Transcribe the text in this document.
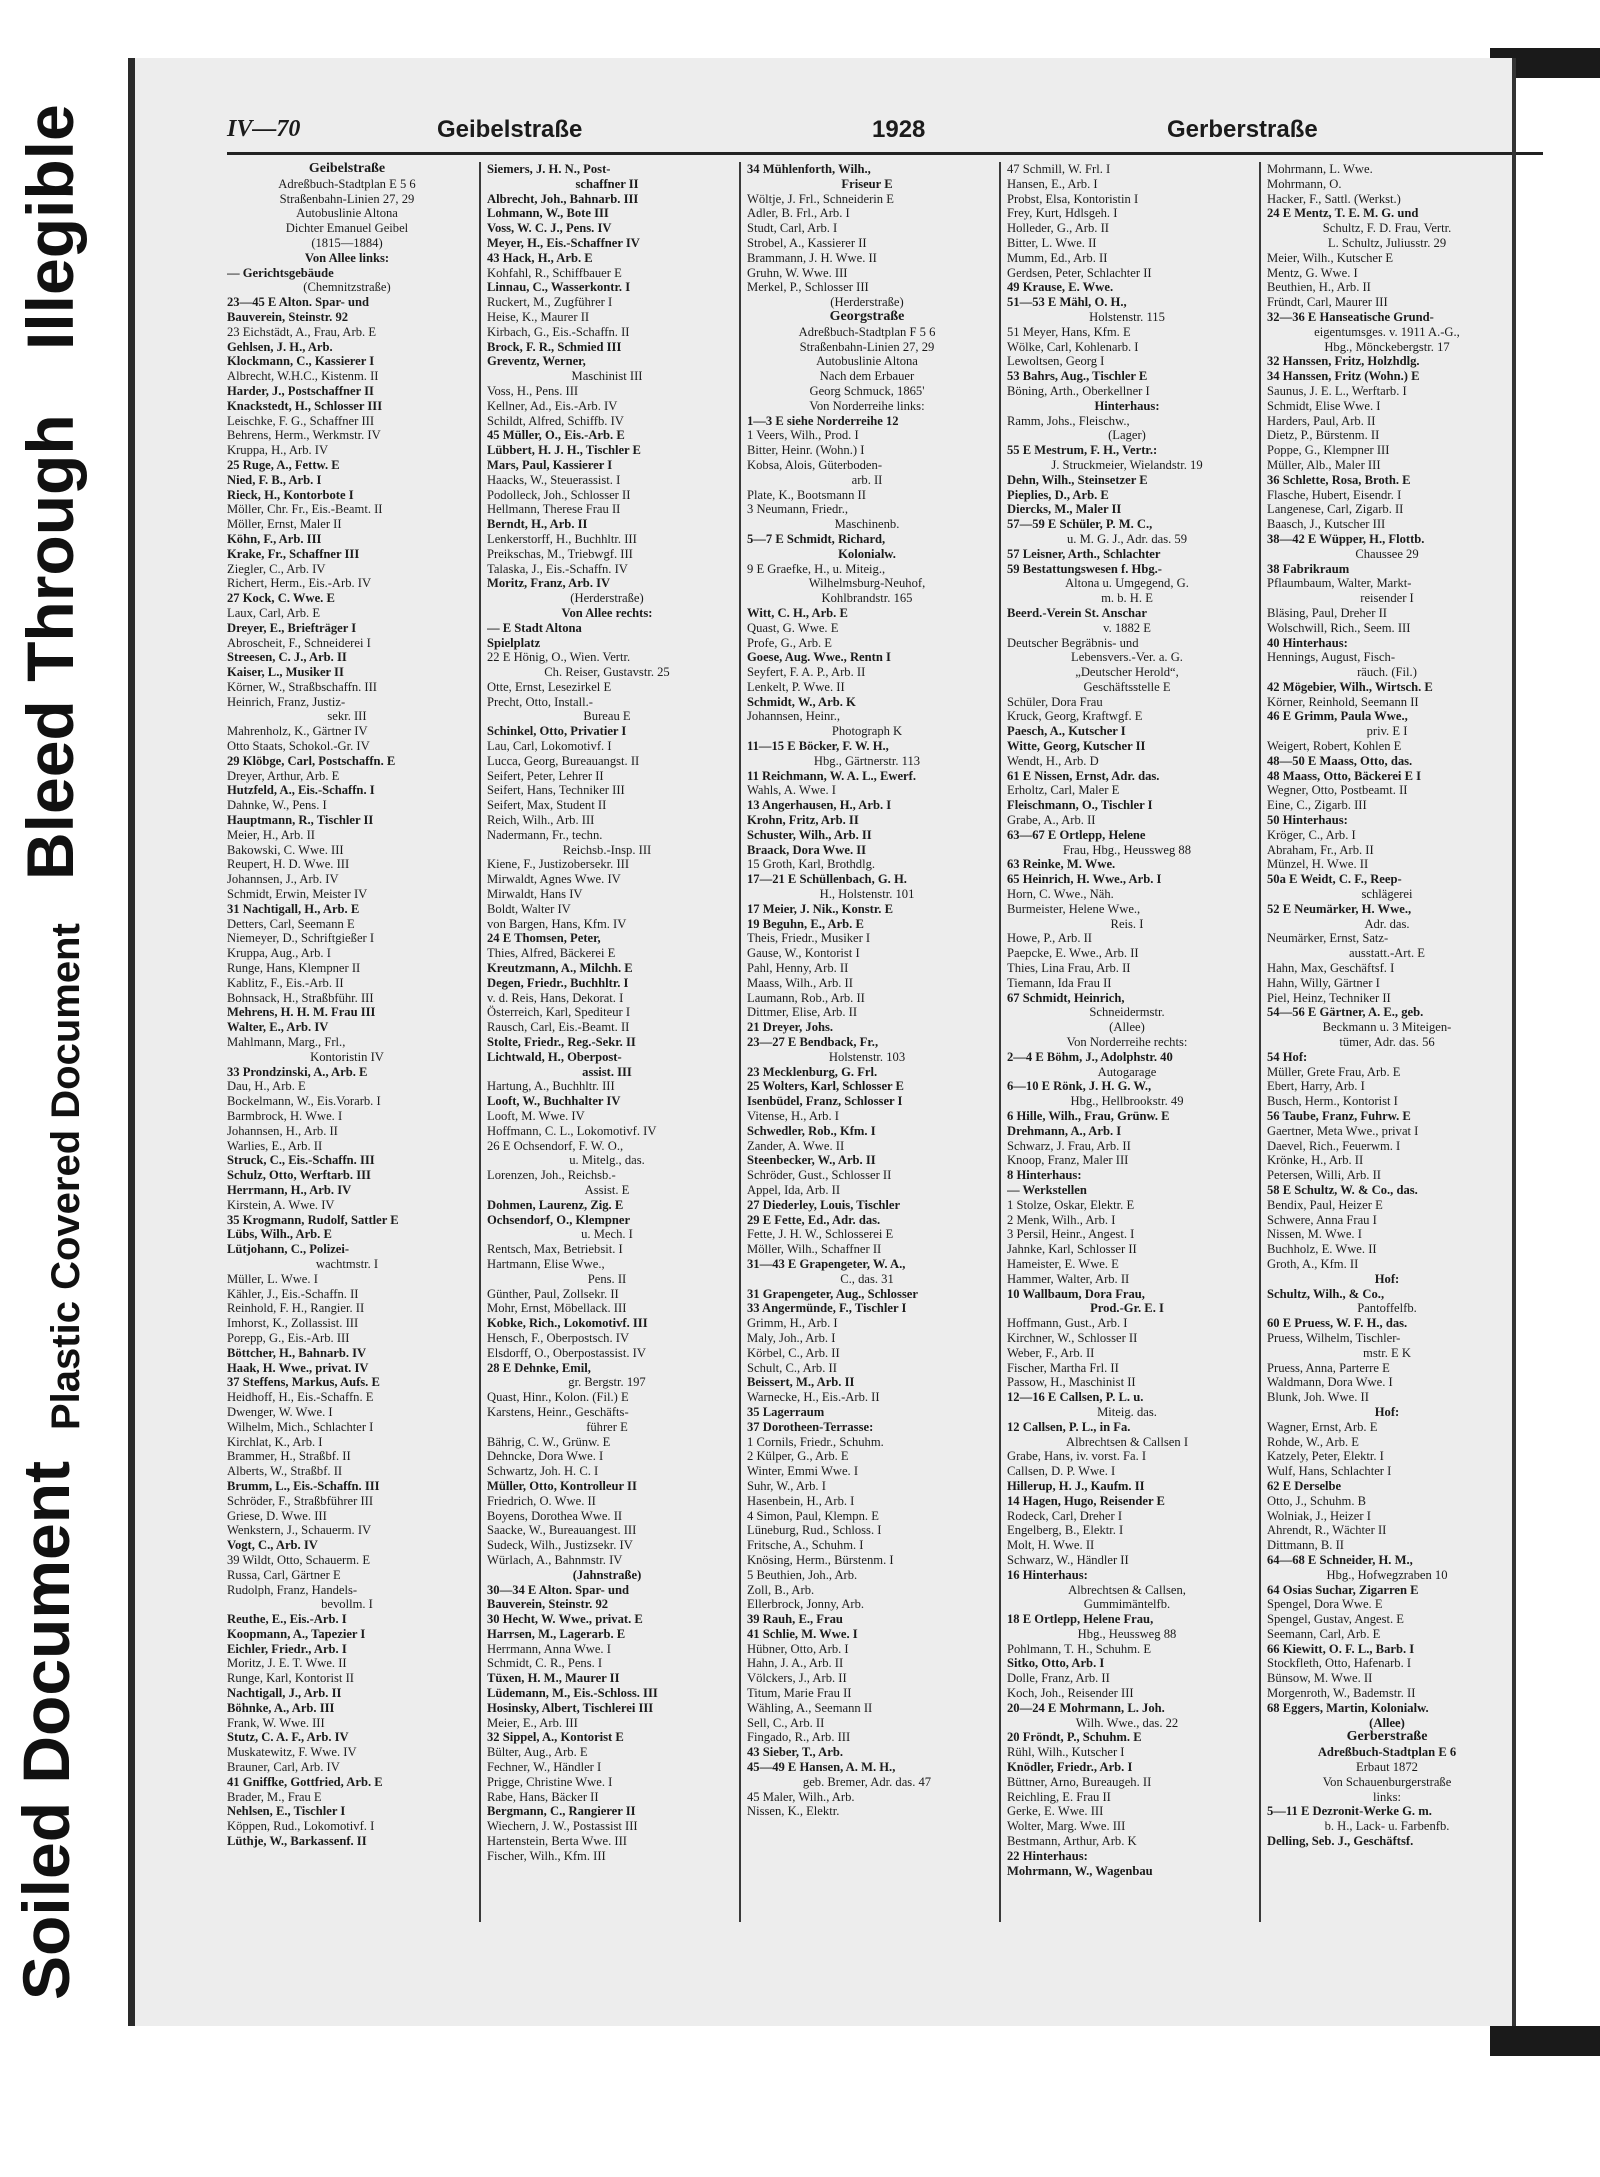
Soiled Document
Plastic Covered Document
Bleed Through
Illegible	IV—70	Geibelstraße	1928	Gerberstraße
Geibelstraße
Adreßbuch-Stadtplan E 5 6
Straßenbahn-Linien 27, 29
Autobuslinie Altona
Dichter Emanuel Geibel
(1815—1884)
Von Allee links:
— Gerichtsgebäude
(Chemnitzstraße)
23—45 E Alton. Spar- und
Bauverein, Steinstr. 92
23 Eichstädt, A., Frau, Arb. E
Gehlsen, J. H., Arb.
Klockmann, C., Kassierer I
Albrecht, W.H.C., Kistenm. II
Harder, J., Postschaffner II
Knackstedt, H., Schlosser III
Leischke, F. G., Schaffner III
Behrens, Herm., Werkmstr. IV
Kruppa, H., Arb. IV
25 Ruge, A., Fettw. E
Nied, F. B., Arb. I
Rieck, H., Kontorbote I
Möller, Chr. Fr., Eis.-Beamt. II
Möller, Ernst, Maler II
Köhn, F., Arb. III
Krake, Fr., Schaffner III
Ziegler, C., Arb. IV
Richert, Herm., Eis.-Arb. IV
27 Kock, C. Wwe. E
Laux, Carl, Arb. E
Dreyer, E., Briefträger I
Abroscheit, F., Schneiderei I
Streesen, C. J., Arb. II
Kaiser, L., Musiker II
Körner, W., Straßbschaffn. III
Heinrich, Franz, Justiz-
sekr. III
Mahrenholz, K., Gärtner IV
Otto Staats, Schokol.-Gr. IV
29 Klöbge, Carl, Postschaffn. E
Dreyer, Arthur, Arb. E
Hutzfeld, A., Eis.-Schaffn. I
Dahnke, W., Pens. I
Hauptmann, R., Tischler II
Meier, H., Arb. II
Bakowski, C. Wwe. III
Reupert, H. D. Wwe. III
Johannsen, J., Arb. IV
Schmidt, Erwin, Meister IV
31 Nachtigall, H., Arb. E
Detters, Carl, Seemann E
Niemeyer, D., Schriftgießer I
Kruppa, Aug., Arb. I
Runge, Hans, Klempner II
Kablitz, F., Eis.-Arb. II
Bohnsack, H., Straßbführ. III
Mehrens, H. H. M. Frau III
Walter, E., Arb. IV
Mahlmann, Marg., Frl.,
Kontoristin IV
33 Prondzinski, A., Arb. E
Dau, H., Arb. E
Bockelmann, W., Eis.Vorarb. I
Barmbrock, H. Wwe. I
Johannsen, H., Arb. II
Warlies, E., Arb. II
Struck, C., Eis.-Schaffn. III
Schulz, Otto, Werftarb. III
Herrmann, H., Arb. IV
Kirstein, A. Wwe. IV
35 Krogmann, Rudolf, Sattler E
Lübs, Wilh., Arb. E
Lütjohann, C., Polizei-
wachtmstr. I
Müller, L. Wwe. I
Kähler, J., Eis.-Schaffn. II
Reinhold, F. H., Rangier. II
Imhorst, K., Zollassist. III
Porepp, G., Eis.-Arb. III
Böttcher, H., Bahnarb. IV
Haak, H. Wwe., privat. IV
37 Steffens, Markus, Aufs. E
Heidhoff, H., Eis.-Schaffn. E
Dwenger, W. Wwe. I
Wilhelm, Mich., Schlachter I
Kirchlat, K., Arb. I
Brammer, H., Straßbf. II
Alberts, W., Straßbf. II
Brumm, L., Eis.-Schaffn. III
Schröder, F., Straßbführer III
Griese, D. Wwe. III
Wenkstern, J., Schauerm. IV
Vogt, C., Arb. IV
39 Wildt, Otto, Schauerm. E
Russa, Carl, Gärtner E
Rudolph, Franz, Handels-
bevollm. I
Reuthe, E., Eis.-Arb. I
Koopmann, A., Tapezier I
Eichler, Friedr., Arb. I
Moritz, J. E. T. Wwe. II
Runge, Karl, Kontorist II
Nachtigall, J., Arb. II
Böhnke, A., Arb. III
Frank, W. Wwe. III
Stutz, C. A. F., Arb. IV
Muskatewitz, F. Wwe. IV
Brauner, Carl, Arb. IV
41 Gniffke, Gottfried, Arb. E
Brader, M., Frau E
Nehlsen, E., Tischler I
Köppen, Rud., Lokomotivf. I
Lüthje, W., Barkassenf. II
Siemers, J. H. N., Post-
schaffner II
Albrecht, Joh., Bahnarb. III
Lohmann, W., Bote III
Voss, W. C. J., Pens. IV
Meyer, H., Eis.-Schaffner IV
43 Hack, H., Arb. E
Kohfahl, R., Schiffbauer E
Linnau, C., Wasserkontr. I
Ruckert, M., Zugführer I
Heise, K., Maurer II
Kirbach, G., Eis.-Schaffn. II
Brock, F. R., Schmied III
Greventz, Werner,
Maschinist III
Voss, H., Pens. III
Kellner, Ad., Eis.-Arb. IV
Schildt, Alfred, Schiffb. IV
45 Müller, O., Eis.-Arb. E
Lübbert, H. J. H., Tischler E
Mars, Paul, Kassierer I
Haacks, W., Steuerassist. I
Podolleck, Joh., Schlosser II
Hellmann, Therese Frau II
Berndt, H., Arb. II
Lenkerstorff, H., Buchhltr. III
Preikschas, M., Triebwgf. III
Talaska, J., Eis.-Schaffn. IV
Moritz, Franz, Arb. IV
(Herderstraße)
Von Allee rechts:
— E Stadt Altona
Spielplatz
22 E Hönig, O., Wien. Vertr.
Ch. Reiser, Gustavstr. 25
Otte, Ernst, Lesezirkel E
Precht, Otto, Install.-
Bureau E
Schinkel, Otto, Privatier I
Lau, Carl, Lokomotivf. I
Lucca, Georg, Bureauangst. II
Seifert, Peter, Lehrer II
Seifert, Hans, Techniker III
Seifert, Max, Student II
Reich, Wilh., Arb. III
Nadermann, Fr., techn.
Reichsb.-Insp. III
Kiene, F., Justizobersekr. III
Mirwaldt, Agnes Wwe. IV
Mirwaldt, Hans IV
Boldt, Walter IV
von Bargen, Hans, Kfm. IV
24 E Thomsen, Peter,
Thies, Alfred, Bäckerei E
Kreutzmann, A., Milchh. E
Degen, Friedr., Buchhltr. I
v. d. Reis, Hans, Dekorat. I
Österreich, Karl, Spediteur I
Rausch, Carl, Eis.-Beamt. II
Stolte, Friedr., Reg.-Sekr. II
Lichtwald, H., Oberpost-
assist. III
Hartung, A., Buchhltr. III
Looft, W., Buchhalter IV
Looft, M. Wwe. IV
Hoffmann, C. L., Lokomotivf. IV
26 E Ochsendorf, F. W. O.,
u. Mitelg., das.
Lorenzen, Joh., Reichsb.-
Assist. E
Dohmen, Laurenz, Zig. E
Ochsendorf, O., Klempner
u. Mech. I
Rentsch, Max, Betriebsit. I
Hartmann, Elise Wwe.,
Pens. II
Günther, Paul, Zollsekr. II
Mohr, Ernst, Möbellack. III
Kobke, Rich., Lokomotivf. III
Hensch, F., Oberpostsch. IV
Elsdorff, O., Oberpostassist. IV
28 E Dehnke, Emil,
gr. Bergstr. 197
Quast, Hinr., Kolon. (Fil.) E
Karstens, Heinr., Geschäfts-
führer E
Bährig, C. W., Grünw. E
Dehncke, Dora Wwe. I
Schwartz, Joh. H. C. I
Müller, Otto, Kontrolleur II
Friedrich, O. Wwe. II
Boyens, Dorothea Wwe. II
Saacke, W., Bureauangest. III
Sudeck, Wilh., Justizsekr. IV
Würlach, A., Bahnmstr. IV
(Jahnstraße)
30—34 E Alton. Spar- und
Bauverein, Steinstr. 92
30 Hecht, W. Wwe., privat. E
Harrsen, M., Lagerarb. E
Herrmann, Anna Wwe. I
Schmidt, C. R., Pens. I
Tüxen, H. M., Maurer II
Lüdemann, M., Eis.-Schloss. III
Hosinsky, Albert, Tischlerei III
Meier, E., Arb. III
32 Sippel, A., Kontorist E
Bülter, Aug., Arb. E
Fechner, W., Händler I
Prigge, Christine Wwe. I
Rabe, Hans, Bäcker II
Bergmann, C., Rangierer II
Wiechern, J. W., Postassist III
Hartenstein, Berta Wwe. III
Fischer, Wilh., Kfm. III
34 Mühlenforth, Wilh.,
Friseur E
Wöltje, J. Frl., Schneiderin E
Adler, B. Frl., Arb. I
Studt, Carl, Arb. I
Strobel, A., Kassierer II
Brammann, J. H. Wwe. II
Gruhn, W. Wwe. III
Merkel, P., Schlosser III
(Herderstraße)
Georgstraße
Adreßbuch-Stadtplan F 5 6
Straßenbahn-Linien 27, 29
Autobuslinie Altona
Nach dem Erbauer
Georg Schmuck, 1865'
Von Norderreihe links:
1—3 E siehe Norderreihe 12
1 Veers, Wilh., Prod. I
Bitter, Heinr. (Wohn.) I
Kobsa, Alois, Güterboden-
arb. II
Plate, K., Bootsmann II
3 Neumann, Friedr.,
Maschinenb.
5—7 E Schmidt, Richard,
Kolonialw.
9 E Graefke, H., u. Miteig.,
Wilhelmsburg-Neuhof,
Kohlbrandstr. 165
Witt, C. H., Arb. E
Quast, G. Wwe. E
Profe, G., Arb. E
Goese, Aug. Wwe., Rentn I
Seyfert, F. A. P., Arb. II
Lenkelt, P. Wwe. II
Schmidt, W., Arb. K
Johannsen, Heinr.,
Photograph K
11—15 E Böcker, F. W. H.,
Hbg., Gärtnerstr. 113
11 Reichmann, W. A. L., Ewerf.
Wahls, A. Wwe. I
13 Angerhausen, H., Arb. I
Krohn, Fritz, Arb. II
Schuster, Wilh., Arb. II
Braack, Dora Wwe. II
15 Groth, Karl, Brothdlg.
17—21 E Schüllenbach, G. H.
H., Holstenstr. 101
17 Meier, J. Nik., Konstr. E
19 Beguhn, E., Arb. E
Theis, Friedr., Musiker I
Gause, W., Kontorist I
Pahl, Henny, Arb. II
Maass, Wilh., Arb. II
Laumann, Rob., Arb. II
Dittmer, Elise, Arb. II
21 Dreyer, Johs.
23—27 E Bendback, Fr.,
Holstenstr. 103
23 Mecklenburg, G. Frl.
25 Wolters, Karl, Schlosser E
Isenbüdel, Franz, Schlosser I
Vitense, H., Arb. I
Schwedler, Rob., Kfm. I
Zander, A. Wwe. II
Steenbecker, W., Arb. II
Schröder, Gust., Schlosser II
Appel, Ida, Arb. II
27 Diederley, Louis, Tischler
29 E Fette, Ed., Adr. das.
Fette, J. H. W., Schlosserei E
Möller, Wilh., Schaffner II
31—43 E Grapengeter, W. A.,
C., das. 31
31 Grapengeter, Aug., Schlosser
33 Angermünde, F., Tischler I
Grimm, H., Arb. I
Maly, Joh., Arb. I
Körbel, C., Arb. II
Schult, C., Arb. II
Beissert, M., Arb. II
Warnecke, H., Eis.-Arb. II
35 Lagerraum
37 Dorotheen-Terrasse:
1 Cornils, Friedr., Schuhm.
2 Külper, G., Arb. E
Winter, Emmi Wwe. I
Suhr, W., Arb. I
Hasenbein, H., Arb. I
4 Simon, Paul, Klempn. E
Lüneburg, Rud., Schloss. I
Fritsche, A., Schuhm. I
Knösing, Herm., Bürstenm. I
5 Beuthien, Joh., Arb.
Zoll, B., Arb.
Ellerbrock, Jonny, Arb.
39 Rauh, E., Frau
41 Schlie, M. Wwe. I
Hübner, Otto, Arb. I
Hahn, J. A., Arb. II
Völckers, J., Arb. II
Titum, Marie Frau II
Wähling, A., Seemann II
Sell, C., Arb. II
Fingado, R., Arb. III
43 Sieber, T., Arb.
45—49 E Hansen, A. M. H.,
geb. Bremer, Adr. das. 47
45 Maler, Wilh., Arb.
Nissen, K., Elektr.
47 Schmill, W. Frl. I
Hansen, E., Arb. I
Probst, Elsa, Kontoristin I
Frey, Kurt, Hdlsgeh. I
Holleder, G., Arb. II
Bitter, L. Wwe. II
Mumm, Ed., Arb. II
Gerdsen, Peter, Schlachter II
49 Krause, E. Wwe.
51—53 E Mähl, O. H.,
Holstenstr. 115
51 Meyer, Hans, Kfm. E
Wölke, Carl, Kohlenarb. I
Lewoltsen, Georg I
53 Bahrs, Aug., Tischler E
Böning, Arth., Oberkellner I
Hinterhaus:
Ramm, Johs., Fleischw.,
(Lager)
55 E Mestrum, F. H., Vertr.:
J. Struckmeier, Wielandstr. 19
Dehn, Wilh., Steinsetzer E
Pieplies, D., Arb. E
Diercks, M., Maler II
57—59 E Schüler, P. M. C.,
u. M. G. J., Adr. das. 59
57 Leisner, Arth., Schlachter
59 Bestattungswesen f. Hbg.-
Altona u. Umgegend, G.
m. b. H. E
Beerd.-Verein St. Anschar
v. 1882 E
Deutscher Begräbnis- und
Lebensvers.-Ver. a. G.
„Deutscher Herold“,
Geschäftsstelle E
Schüler, Dora Frau
Kruck, Georg, Kraftwgf. E
Paesch, A., Kutscher I
Witte, Georg, Kutscher II
Wendt, H., Arb. D
61 E Nissen, Ernst, Adr. das.
Erholtz, Carl, Maler E
Fleischmann, O., Tischler I
Grabe, A., Arb. II
63—67 E Ortlepp, Helene
Frau, Hbg., Heussweg 88
63 Reinke, M. Wwe.
65 Heinrich, H. Wwe., Arb. I
Horn, C. Wwe., Näh.
Burmeister, Helene Wwe.,
Reis. I
Howe, P., Arb. II
Paepcke, E. Wwe., Arb. II
Thies, Lina Frau, Arb. II
Tiemann, Ida Frau II
67 Schmidt, Heinrich,
Schneidermstr.
(Allee)
Von Norderreihe rechts:
2—4 E Böhm, J., Adolphstr. 40
Autogarage
6—10 E Rönk, J. H. G. W.,
Hbg., Hellbrookstr. 49
6 Hille, Wilh., Frau, Grünw. E
Drehmann, A., Arb. I
Schwarz, J. Frau, Arb. II
Knoop, Franz, Maler III
8 Hinterhaus:
— Werkstellen
1 Stolze, Oskar, Elektr. E
2 Menk, Wilh., Arb. I
3 Persil, Heinr., Angest. I
Jahnke, Karl, Schlosser II
Hameister, E. Wwe. E
Hammer, Walter, Arb. II
10 Wallbaum, Dora Frau,
Prod.-Gr. E. I
Hoffmann, Gust., Arb. I
Kirchner, W., Schlosser II
Weber, F., Arb. II
Fischer, Martha Frl. II
Passow, H., Maschinist II
12—16 E Callsen, P. L. u.
Miteig. das.
12 Callsen, P. L., in Fa.
Albrechtsen & Callsen I
Grabe, Hans, iv. vorst. Fa. I
Callsen, D. P. Wwe. I
Hillerup, H. J., Kaufm. II
14 Hagen, Hugo, Reisender E
Rodeck, Carl, Dreher I
Engelberg, B., Elektr. I
Molt, H. Wwe. II
Schwarz, W., Händler II
16 Hinterhaus:
Albrechtsen & Callsen,
Gummimäntelfb.
18 E Ortlepp, Helene Frau,
Hbg., Heussweg 88
Pohlmann, T. H., Schuhm. E
Sitko, Otto, Arb. I
Dolle, Franz, Arb. II
Koch, Joh., Reisender III
20—24 E Mohrmann, L. Joh.
Wilh. Wwe., das. 22
20 Fröndt, P., Schuhm. E
Rühl, Wilh., Kutscher I
Knödler, Friedr., Arb. I
Büttner, Arno, Bureaugeh. II
Reichling, E. Frau II
Gerke, E. Wwe. III
Wolter, Marg. Wwe. III
Bestmann, Arthur, Arb. K
22 Hinterhaus:
Mohrmann, W., Wagenbau
Mohrmann, L. Wwe.
Mohrmann, O.
Hacker, F., Sattl. (Werkst.)
24 E Mentz, T. E. M. G. und
Schultz, F. D. Frau, Vertr.
L. Schultz, Juliusstr. 29
Meier, Wilh., Kutscher E
Mentz, G. Wwe. I
Beuthien, H., Arb. II
Fründt, Carl, Maurer III
32—36 E Hanseatische Grund-
eigentumsges. v. 1911 A.-G.,
Hbg., Mönckebergstr. 17
32 Hanssen, Fritz, Holzhdlg.
34 Hanssen, Fritz (Wohn.) E
Saunus, J. E. L., Werftarb. I
Schmidt, Elise Wwe. I
Harders, Paul, Arb. II
Dietz, P., Bürstenm. II
Poppe, G., Klempner III
Müller, Alb., Maler III
36 Schlette, Rosa, Broth. E
Flasche, Hubert, Eisendr. I
Langenese, Carl, Zigarb. II
Baasch, J., Kutscher III
38—42 E Wüpper, H., Flottb.
Chaussee 29
38 Fabrikraum
Pflaumbaum, Walter, Markt-
reisender I
Bläsing, Paul, Dreher II
Wolschwill, Rich., Seem. III
40 Hinterhaus:
Hennings, August, Fisch-
räuch. (Fil.)
42 Mögebier, Wilh., Wirtsch. E
Körner, Reinhold, Seemann II
46 E Grimm, Paula Wwe.,
priv. E I
Weigert, Robert, Kohlen E
48—50 E Maass, Otto, das.
48 Maass, Otto, Bäckerei E I
Wegner, Otto, Postbeamt. II
Eine, C., Zigarb. III
50 Hinterhaus:
Kröger, C., Arb. I
Abraham, Fr., Arb. II
Münzel, H. Wwe. II
50a E Weidt, C. F., Reep-
schlägerei
52 E Neumärker, H. Wwe.,
Adr. das.
Neumärker, Ernst, Satz-
ausstatt.-Art. E
Hahn, Max, Geschäftsf. I
Hahn, Willy, Gärtner I
Piel, Heinz, Techniker II
54—56 E Gärtner, A. E., geb.
Beckmann u. 3 Miteigen-
tümer, Adr. das. 56
54 Hof:
Müller, Grete Frau, Arb. E
Ebert, Harry, Arb. I
Busch, Herm., Kontorist I
56 Taube, Franz, Fuhrw. E
Gaertner, Meta Wwe., privat I
Daevel, Rich., Feuerwm. I
Krönke, H., Arb. II
Petersen, Willi, Arb. II
58 E Schultz, W. & Co., das.
Bendix, Paul, Heizer E
Schwere, Anna Frau I
Nissen, M. Wwe. I
Buchholz, E. Wwe. II
Groth, A., Kfm. II
Hof:
Schultz, Wilh., & Co.,
Pantoffelfb.
60 E Pruess, W. F. H., das.
Pruess, Wilhelm, Tischler-
mstr. E K
Pruess, Anna, Parterre E
Waldmann, Dora Wwe. I
Blunk, Joh. Wwe. II
Hof:
Wagner, Ernst, Arb. E
Rohde, W., Arb. E
Katzely, Peter, Elektr. I
Wulf, Hans, Schlachter I
62 E Derselbe
Otto, J., Schuhm. B
Wolniak, J., Heizer I
Ahrendt, R., Wächter II
Dittmann, B. II
64—68 E Schneider, H. M.,
Hbg., Hofwegzraben 10
64 Osias Suchar, Zigarren E
Spengel, Dora Wwe. E
Spengel, Gustav, Angest. E
Seemann, Carl, Arb. E
66 Kiewitt, O. F. L., Barb. I
Stockfleth, Otto, Hafenarb. I
Bünsow, M. Wwe. II
Morgenroth, W., Bademstr. II
68 Eggers, Martin, Kolonialw.
(Allee)
Gerberstraße
Adreßbuch-Stadtplan E 6
Erbaut 1872
Von Schauenburgerstraße
links:
5—11 E Dezronit-Werke G. m.
b. H., Lack- u. Farbenfb.
Delling, Seb. J., Geschäftsf.
